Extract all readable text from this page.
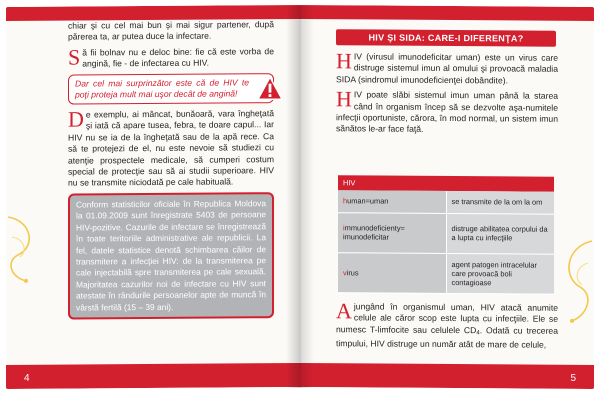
chiar şi cu cel mai bun şi mai sigur partener, după părerea ta, ar putea duce la infectare.

Să fii bolnav nu e deloc bine: fie că este vorba de angină, fie - de infectarea cu HIV.

Dar cel mai surprinzător este că de HIV te poţi proteja mult mai uşor decât de angină!

De exemplu, ai mâncat, bunăoară, vara îngheţată şi iată că apare tusea, febra, te doare capul... Iar HIV nu se ia de la îngheţată sau de la apă rece. Ca să te protejezi de el, nu este nevoie să studiezi cu atenţie prospectele medicale, să cumperi costum special de protecţie sau să ai studii superioare. HIV nu se transmite niciodată pe cale habituală.

Conform statisticilor oficiale în Republica Moldova la 01.09.2009 sunt înregistrate 5403 de persoane HIV-pozitive. Cazurile de infectare se înregistrează în toate teritoriile administrative ale republicii. La fel, datele statistice denotă schimbarea căilor de transmitere a infecţiei HIV: de la transmiterea pe cale injectabilă spre transmiterea pe cale sexuală. Majoritatea cazurilor noi de infectare cu HIV sunt atestate în rândurile persoanelor apte de muncă în vârstă fertilă (15 – 39 ani).
4
HIV ŞI SIDA: CARE-I DIFERENŢA?

HIV (virusul imunodeficitar uman) este un virus care distruge sistemul imun al omului şi provoacă maladia SIDA (sindromul imunodeficienţei dobândite).

HIV poate slăbi sistemul imun uman până la starea când în organism încep să se dezvolte aşa-numitele infecţii oportuniste, cărora, în mod normal, un sistem imun sănătos le-ar face faţă.

HIV	
human=uman	se transmite de la om la om
immunodeficienty= imunodeficitar	distruge abilitatea corpului da a lupta cu infecţiile
virus	agent patogen intracelular care provoacă boli contagioase

Ajungând în organismul uman, HIV atacă anumite celule ale căror scop este lupta cu infecţiile. Ele se numesc T-limfocite sau celulele CD4. Odată cu trecerea timpului, HIV distruge un număr atât de mare de celule,

5
